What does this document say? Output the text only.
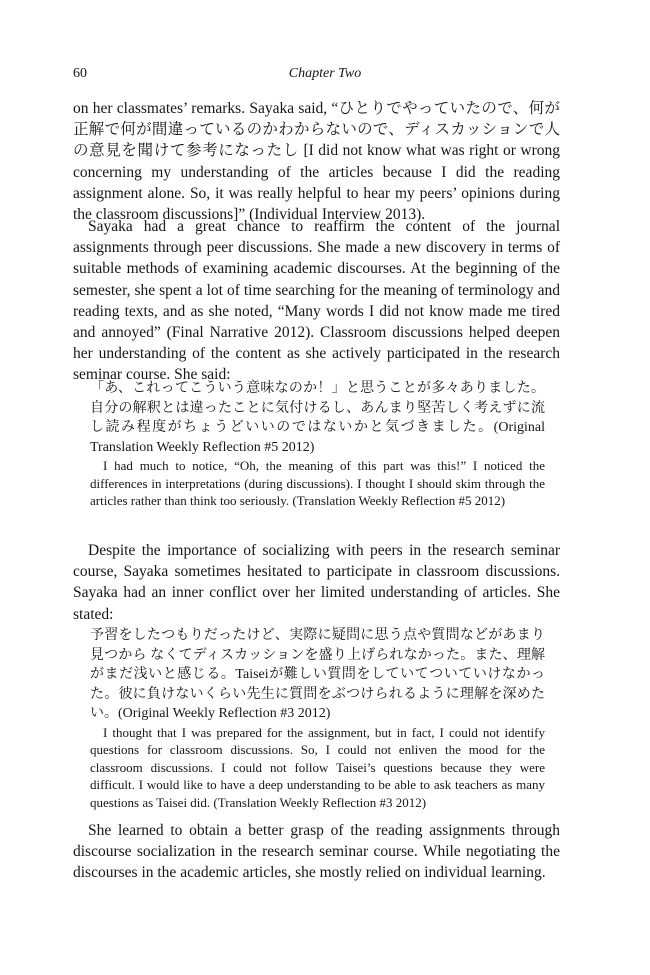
60	Chapter Two

on her classmates’ remarks. Sayaka said, “ひとりでやっていたので、何が正解で何が間違っているのかわからないので、ディスカッションで人の意見を聞けて参考になったし [I did not know what was right or wrong concerning my understanding of the articles because I did the reading assignment alone. So, it was really helpful to hear my peers’ opinions during the classroom discussions]” (Individual Interview 2013).

Sayaka had a great chance to reaffirm the content of the journal assignments through peer discussions. She made a new discovery in terms of suitable methods of examining academic discourses. At the beginning of the semester, she spent a lot of time searching for the meaning of terminology and reading texts, and as she noted, “Many words I did not know made me tired and annoyed” (Final Narrative 2012). Classroom discussions helped deepen her understanding of the content as she actively participated in the research seminar course. She said:

「あ、これってこういう意味なのか！」と思うことが多々ありました。自分の解釈とは違ったことに気付けるし、あんまり堅苦しく考えずに流し読み程度がちょうどいいのではないかと気づきました。(Original Translation Weekly Reflection #5 2012)

I had much to notice, “Oh, the meaning of this part was this!” I noticed the differences in interpretations (during discussions). I thought I should skim through the articles rather than think too seriously. (Translation Weekly Reflection #5 2012)

Despite the importance of socializing with peers in the research seminar course, Sayaka sometimes hesitated to participate in classroom discussions. Sayaka had an inner conflict over her limited understanding of articles. She stated:

予習をしたつもりだったけど、実際に疑問に思う点や質問などがあまり見つから なくてディスカッションを盛り上げられなかった。また、理解がまだ浅いと感じる。Taiseiが難しい質問をしていてついていけなかった。彼に負けないくらい先生に質問をぶつけられるように理解を深めたい。(Original Weekly Reflection #3 2012)

I thought that I was prepared for the assignment, but in fact, I could not identify questions for classroom discussions. So, I could not enliven the mood for the classroom discussions. I could not follow Taisei’s questions because they were difficult. I would like to have a deep understanding to be able to ask teachers as many questions as Taisei did. (Translation Weekly Reflection #3 2012)

She learned to obtain a better grasp of the reading assignments through discourse socialization in the research seminar course. While negotiating the discourses in the academic articles, she mostly relied on individual learning.
